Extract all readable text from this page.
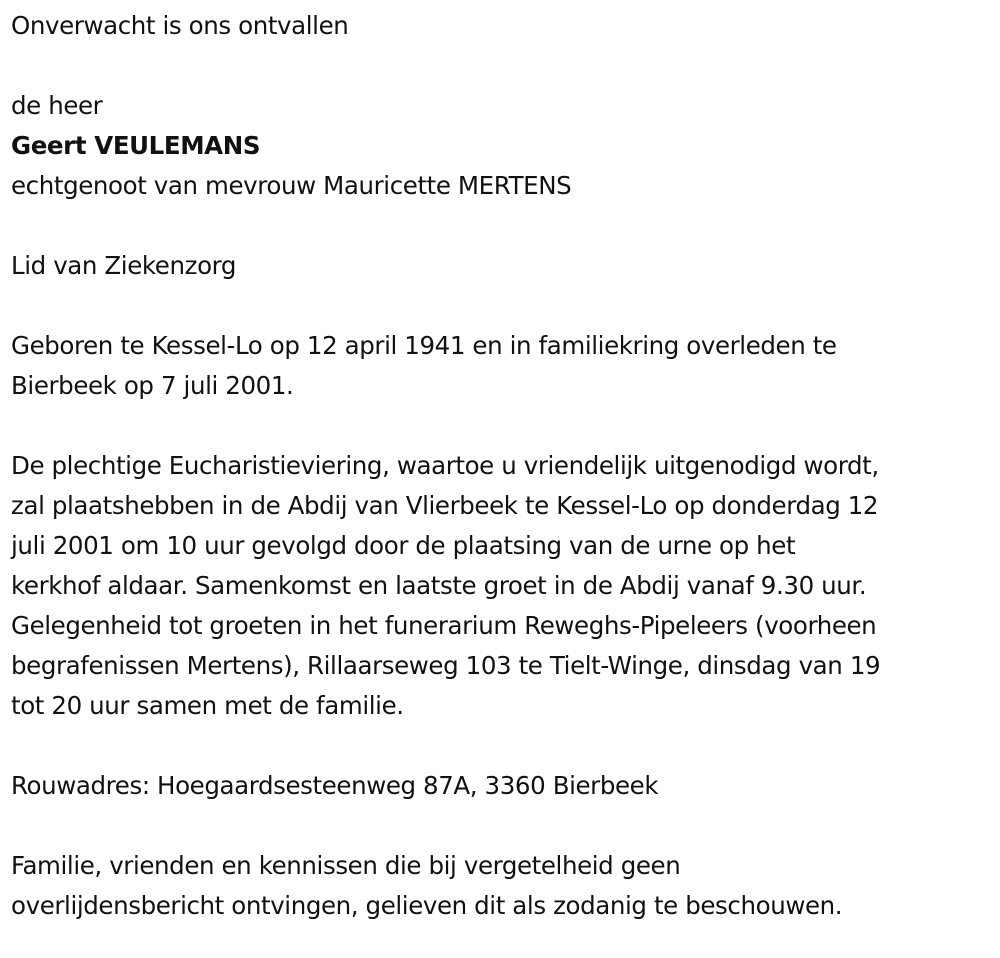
Onverwacht is ons ontvallen

de heer

Geert VEULEMANS

echtgenoot van mevrouw Mauricette MERTENS

Lid van Ziekenzorg

Geboren te Kessel-Lo op 12 april 1941 en in familiekring overleden te

Bierbeek op 7 juli 2001.

De plechtige Eucharistieviering, waartoe u vriendelijk uitgenodigd wordt,

zal plaatshebben in de Abdij van Vlierbeek te Kessel-Lo op donderdag 12

juli 2001 om 10 uur gevolgd door de plaatsing van de urne op het

kerkhof aldaar. Samenkomst en laatste groet in de Abdij vanaf 9.30 uur.

Gelegenheid tot groeten in het funerarium Reweghs-Pipeleers (voorheen

begrafenissen Mertens), Rillaarseweg 103 te Tielt-Winge, dinsdag van 19

tot 20 uur samen met de familie.

Rouwadres: Hoegaardsesteenweg 87A, 3360 Bierbeek

Familie, vrienden en kennissen die bij vergetelheid geen

overlijdensbericht ontvingen, gelieven dit als zodanig te beschouwen.
